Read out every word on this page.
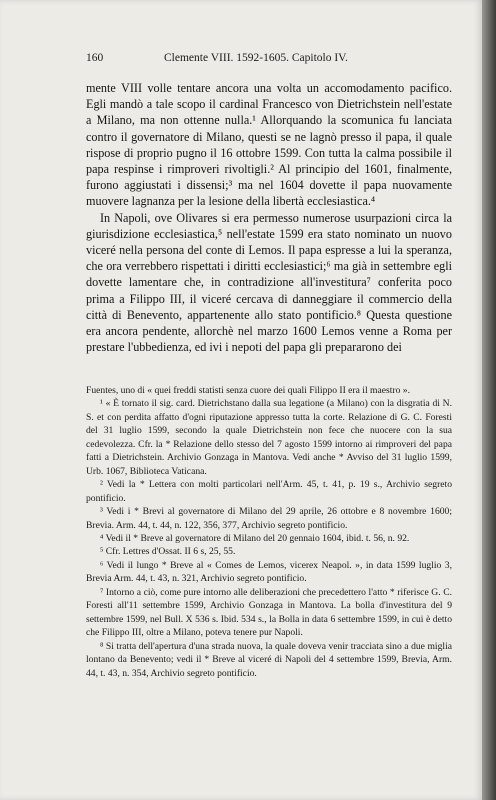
160	Clemente VIII. 1592-1605. Capitolo IV.

mente VIII volle tentare ancora una volta un accomodamento pacifico. Egli mandò a tale scopo il cardinal Francesco von Dietrichstein nell'estate a Milano, ma non ottenne nulla.¹ Allorquando la scomunica fu lanciata contro il governatore di Milano, questi se ne lagnò presso il papa, il quale rispose di proprio pugno il 16 ottobre 1599. Con tutta la calma possibile il papa respinse i rimproveri rivoltigli.² Al principio del 1601, finalmente, furono aggiustati i dissensi;³ ma nel 1604 dovette il papa nuovamente muovere lagnanza per la lesione della libertà ecclesiastica.⁴

In Napoli, ove Olivares si era permesso numerose usurpazioni circa la giurisdizione ecclesiastica,⁵ nell'estate 1599 era stato nominato un nuovo viceré nella persona del conte di Lemos. Il papa espresse a lui la speranza, che ora verrebbero rispettati i diritti ecclesiastici;⁶ ma già in settembre egli dovette lamentare che, in contradizione all'investitura⁷ conferita poco prima a Filippo III, il viceré cercava di danneggiare il commercio della città di Benevento, appartenente allo stato pontificio.⁸ Questa questione era ancora pendente, allorchè nel marzo 1600 Lemos venne a Roma per prestare l'ubbedienza, ed ivi i nepoti del papa gli prepararono dei

Fuentes, uno di « quei freddi statisti senza cuore dei quali Filippo II era il maestro ».

¹ « È tornato il sig. card. Dietrichstano dalla sua legatione (a Milano) con la disgratia di N. S. et con perdita affatto d'ogni riputazione appresso tutta la corte. Relazione di G. C. Foresti del 31 luglio 1599, secondo la quale Dietrichstein non fece che nuocere con la sua cedevolezza. Cfr. la * Relazione dello stesso del 7 agosto 1599 intorno ai rimproveri del papa fatti a Dietrichstein. Archivio Gonzaga in Mantova. Vedi anche * Avviso del 31 luglio 1599, Urb. 1067, Biblioteca Vaticana.

² Vedi la * Lettera con molti particolari nell'Arm. 45, t. 41, p. 19 s., Archivio segreto pontificio.

³ Vedi i * Brevi al governatore di Milano del 29 aprile, 26 ottobre e 8 novembre 1600; Brevia. Arm. 44, t. 44, n. 122, 356, 377, Archivio segreto pontificio.

⁴ Vedi il * Breve al governatore di Milano del 20 gennaio 1604, ibid. t. 56, n. 92.

⁵ Cfr. Lettres d'Ossat. II 6 s, 25, 55.

⁶ Vedi il lungo * Breve al « Comes de Lemos, vicerex Neapol. », in data 1599 luglio 3, Brevia Arm. 44, t. 43, n. 321, Archivio segreto pontificio.

⁷ Intorno a ciò, come pure intorno alle deliberazioni che precedettero l'atto * riferisce G. C. Foresti all'11 settembre 1599, Archivio Gonzaga in Mantova. La bolla d'investitura del 9 settembre 1599, nel Bull. X 536 s. Ibid. 534 s., la Bolla in data 6 settembre 1599, in cui è detto che Filippo III, oltre a Milano, poteva tenere pur Napoli.

⁸ Si tratta dell'apertura d'una strada nuova, la quale doveva venir tracciata sino a due miglia lontano da Benevento; vedi il * Breve al viceré di Napoli del 4 settembre 1599, Brevia, Arm. 44, t. 43, n. 354, Archivio segreto pontificio.
